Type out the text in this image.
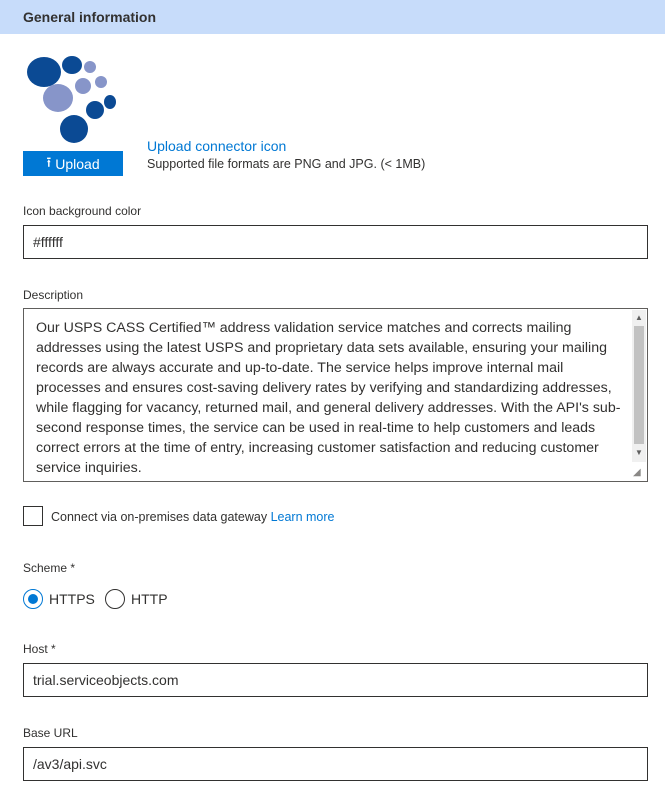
General information
⭱ Upload
Upload connector icon
Supported file formats are PNG and JPG. (< 1MB)
Icon background color
#ffffff
Description
Our USPS CASS Certified™ address validation service matches and corrects mailing addresses using the latest USPS and proprietary data sets available, ensuring your mailing records are always accurate and up-to-date. The service helps improve internal mail processes and ensures cost-saving delivery rates by verifying and standardizing addresses, while flagging for vacancy, returned mail, and general delivery addresses. With the API's sub-second response times, the service can be used in real-time to help customers and leads correct errors at the time of entry, increasing customer satisfaction and reducing customer service inquiries.
▲
▼
◢
Connect via on-premises data gateway Learn more
Scheme *
HTTPS	HTTP
Host *
trial.serviceobjects.com
Base URL
/av3/api.svc
